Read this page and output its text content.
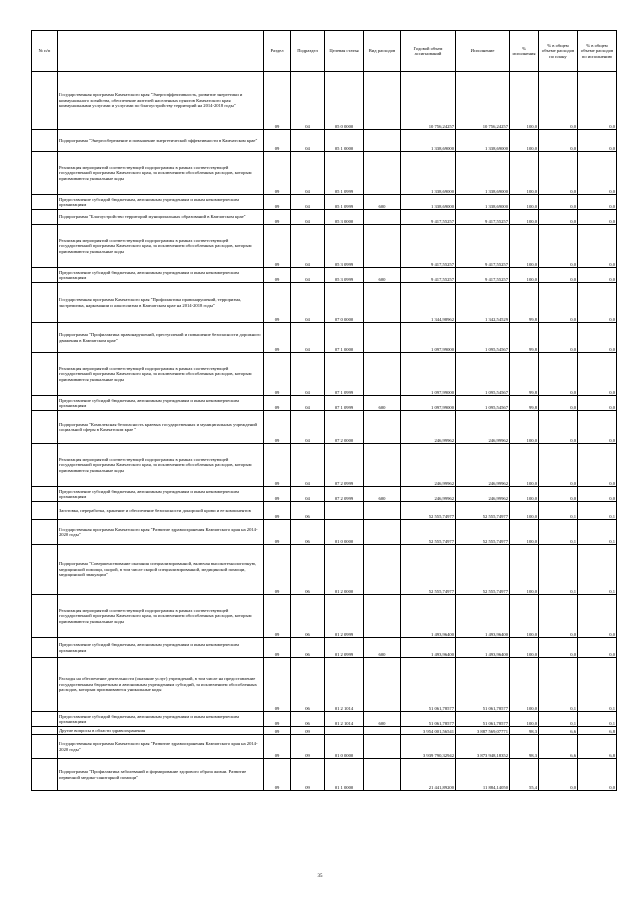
№ п/п		Раздел	Подраздел	Целевая статья	Вид расходов	Годовой объем ассигнований	Исполнение	% исполнения	% в общем объеме расходов по плану	% в общем объеме расходов по исполнению
	Государственная программа Камчатского края "Энергоэффективность, развитие энергетики и коммунального хозяйства, обеспечение жителей населенных пунктов Камчатского края коммунальными услугами и услугами по благоустройству территорий на 2014-2018 годы"	09	04	05 0 0000		10 756,24257	10 756,24257	100,0	0,0	0,0
	Подпрограмма "Энергосбережение и повышение энергетической эффективности в Камчатском крае"	09	04	05 1 0000		1 338,69000	1 338,69000	100,0	0,0	0,0
	Реализация мероприятий соответствующей подпрограммы в рамках соответствующей государственной программы Камчатского края, за исключением обособленных расходов, которым присваиваются уникальные коды	09	04	05 1 0999		1 338,69000	1 338,69000	100,0	0,0	0,0
	Предоставление субсидий бюджетным, автономным учреждениям и иным некоммерческим организациям	09	04	05 1 0999	600	1 338,69000	1 338,69000	100,0	0,0	0,0
	Подпрограмма "Благоустройство территорий муниципальных образований в Камчатском крае"	09	04	05 3 0000		9 417,55257	9 417,55257	100,0	0,0	0,0
	Реализация мероприятий соответствующей подпрограммы в рамках соответствующей государственной программы Камчатского края, за исключением обособленных расходов, которым присваиваются уникальные коды	09	04	05 3 0999		9 417,55257	9 417,55257	100,0	0,0	0,0
	Предоставление субсидий бюджетным, автономным учреждениям и иным некоммерческим организациям	09	04	05 3 0999	600	9 417,55257	9 417,55257	100,0	0,0	0,0
	Государственная программа Камчатского края "Профилактика правонарушений, терроризма, экстремизма, наркомании и алкоголизма в Камчатском крае на 2014-2018 годы"	09	04	07 0 0000		1 344,98962	1 342,54529	99,8	0,0	0,0
	Подпрограмма "Профилактика правонарушений, преступлений и повышение безопасности дорожного движения в Камчатском крае"	09	04	07 1 0000		1 097,99000	1 095,54567	99,8	0,0	0,0
	Реализация мероприятий соответствующей подпрограммы в рамках соответствующей государственной программы Камчатского края, за исключением обособленных расходов, которым присваиваются уникальные коды	09	04	07 1 0999		1 097,99000	1 095,54567	99,8	0,0	0,0
	Предоставление субсидий бюджетным, автономным учреждениям и иным некоммерческим организациям	09	04	07 1 0999	600	1 097,99000	1 095,54567	99,8	0,0	0,0
	Подпрограмма "Комплексная безопасность краевых государственных и муниципальных учреждений социальной сферы в Камчатском крае "	09	04	07 2 0000		246,99962	246,99962	100,0	0,0	0,0
	Реализация мероприятий соответствующей подпрограммы в рамках соответствующей государственной программы Камчатского края, за исключением обособленных расходов, которым присваиваются уникальные коды	09	04	07 2 0999		246,99962	246,99962	100,0	0,0	0,0
	Предоставление субсидий бюджетным, автономным учреждениям и иным некоммерческим организациям	09	04	07 2 0999	600	246,99962	246,99962	100,0	0,0	0,0
	Заготовка, переработка, хранение и обеспечение безопасности донорской крови и ее компонентов	09	06			52 555,74977	52 555,74977	100,0	0,1	0,1
	Государственная программа Камчатского края "Развитие здравоохранения Камчатского края на 2014-2020 годы"	09	06	01 0 0000		52 555,74977	52 555,74977	100,0	0,1	0,1
	Подпрограмма "Совершенствование оказания специализированной, включая высокотехнологичную, медицинской помощи, скорой, в том числе скорой специализированной, медицинской помощи, медицинской эвакуации"	09	06	01 2 0000		52 555,74977	52 555,74977	100,0	0,1	0,1
	Реализация мероприятий соответствующей подпрограммы в рамках соответствующей государственной программы Камчатского края, за исключением обособленных расходов, которым присваиваются уникальные коды	09	06	01 2 0999		1 493,96400	1 493,96400	100,0	0,0	0,0
	Предоставление субсидий бюджетным, автономным учреждениям и иным некоммерческим организациям	09	06	01 2 0999	600	1 493,96400	1 493,96400	100,0	0,0	0,0
	Расходы на обеспечение деятельности (оказание услуг) учреждений, в том числе на предоставление государственным бюджетным и автономным учреждениям субсидий, за исключением обособленных расходов, которым присваиваются уникальные коды	09	06	01 2 1014		51 061,78577	51 061,78577	100,0	0,1	0,1
	Предоставление субсидий бюджетным, автономным учреждениям и иным некоммерческим организациям	09	06	01 2 1014	600	51 061,78577	51 061,78577	100,0	0,1	0,1
	Другие вопросы в области здравоохранения	09	09			3 954 001,56541	3 887 569,07771	98,3	6,6	6,8
	Государственная программа Камчатского края "Развитие здравоохранения Камчатского края на 2014-2020 годы"	09	09	01 0 0000		3 939 790,32942	3 873 948,18352	98,3	6,6	6,8
	Подпрограмма "Профилактика заболеваний и формирование здорового образа жизни. Развитие первичной медико-санитарной помощи"	09	09	01 1 0000		21 441,89200	11 884,14050	55,4	0,0	0,0
35
